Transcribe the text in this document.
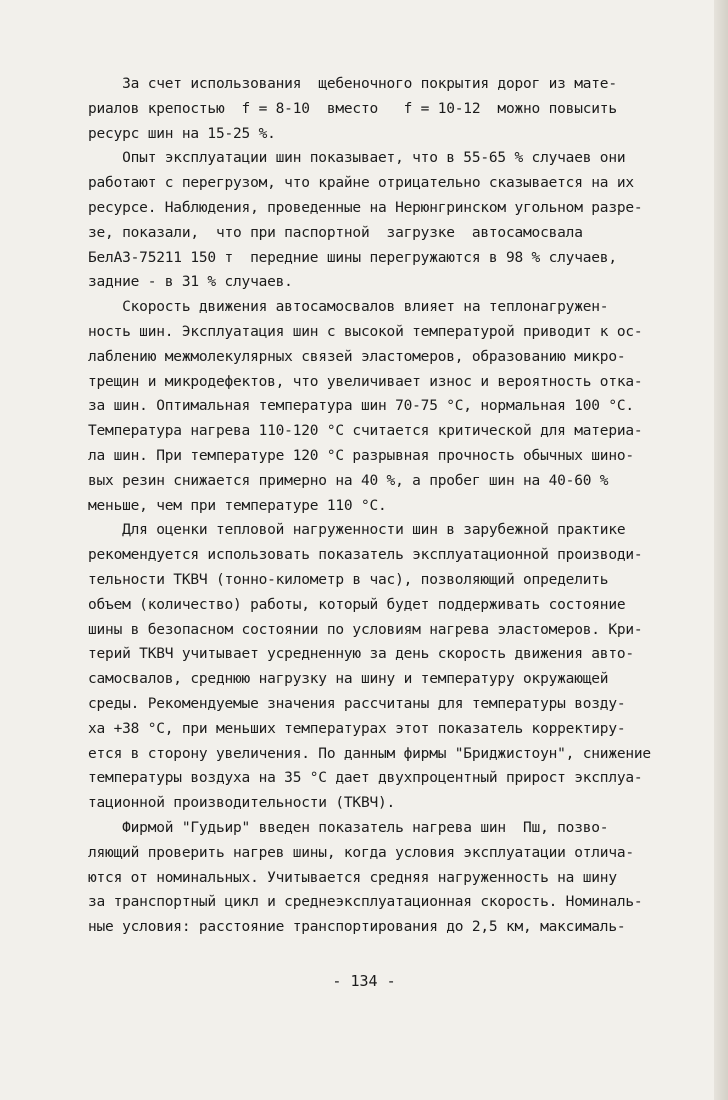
За счет использования  щебеночного покрытия дорог из мате-
риалов крепостью  f = 8-10  вместо   f = 10-12  можно повысить
ресурс шин на 15-25 %.
Опыт эксплуатации шин показывает, что в 55-65 % случаев они
работают с перегрузом, что крайне отрицательно сказывается на их
ресурсе. Наблюдения, проведенные на Нерюнгринском угольном разре-
зе, показали,  что при паспортной  загрузке  автосамосвала
БелАЗ-75211 150 т  передние шины перегружаются в 98 % случаев,
задние - в 31 % случаев.
Скорость движения автосамосвалов влияет на теплонагружен-
ность шин. Эксплуатация шин с высокой температурой приводит к ос-
лаблению межмолекулярных связей эластомеров, образованию микро-
трещин и микродефектов, что увеличивает износ и вероятность отка-
за шин. Оптимальная температура шин 70-75 °С, нормальная 100 °С.
Температура нагрева 110-120 °С считается критической для материа-
ла шин. При температуре 120 °С разрывная прочность обычных шино-
вых резин снижается примерно на 40 %, а пробег шин на 40-60 %
меньше, чем при температуре 110 °С.
Для оценки тепловой нагруженности шин в зарубежной практике
рекомендуется использовать показатель эксплуатационной производи-
тельности ТКВЧ (тонно-километр в час), позволяющий определить
объем (количество) работы, который будет поддерживать состояние
шины в безопасном состоянии по условиям нагрева эластомеров. Кри-
терий ТКВЧ учитывает усредненную за день скорость движения авто-
самосвалов, среднюю нагрузку на шину и температуру окружающей
среды. Рекомендуемые значения рассчитаны для температуры возду-
ха +38 °С, при меньших температурах этот показатель корректиру-
ется в сторону увеличения. По данным фирмы "Бриджистоун", снижение
температуры воздуха на 35 °С дает двухпроцентный прирост эксплуа-
тационной производительности (ТКВЧ).
Фирмой "Гудьир" введен показатель нагрева шин  Пш, позво-
ляющий проверить нагрев шины, когда условия эксплуатации отлича-
ются от номинальных. Учитывается средняя нагруженность на шину
за транспортный цикл и среднеэксплуатационная скорость. Номиналь-
ные условия: расстояние транспортирования до 2,5 км, максималь-
- 134 -
